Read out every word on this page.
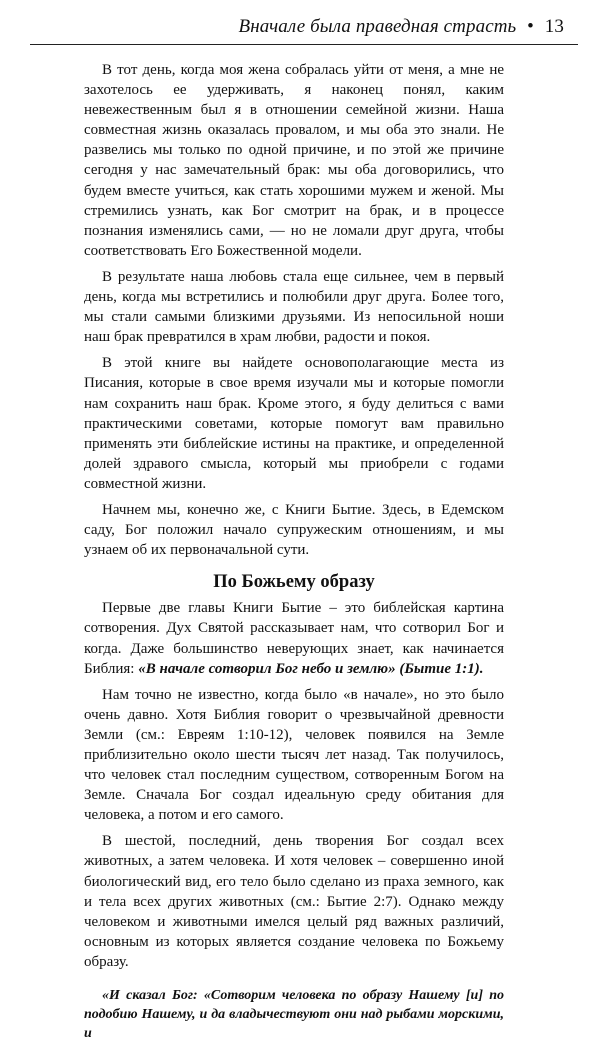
Вначале была праведная страсть • 13

В тот день, когда моя жена собралась уйти от меня, а мне не захотелось ее удерживать, я наконец понял, каким невежественным был я в отношении семейной жизни. Наша совместная жизнь оказалась провалом, и мы оба это знали. Не развелись мы только по одной причине, и по этой же причине сегодня у нас замечательный брак: мы оба договорились, что будем вместе учиться, как стать хорошими мужем и женой. Мы стремились узнать, как Бог смотрит на брак, и в процессе познания изменялись сами, — но не ломали друг друга, чтобы соответствовать Его Божественной модели.

В результате наша любовь стала еще сильнее, чем в первый день, когда мы встретились и полюбили друг друга. Более того, мы стали самыми близкими друзьями. Из непосильной ноши наш брак превратился в храм любви, радости и покоя.

В этой книге вы найдете основополагающие места из Писания, которые в свое время изучали мы и которые помогли нам сохранить наш брак. Кроме этого, я буду делиться с вами практическими советами, которые помогут вам правильно применять эти библейские истины на практике, и определенной долей здравого смысла, который мы приобрели с годами совместной жизни.

Начнем мы, конечно же, с Книги Бытие. Здесь, в Едемском саду, Бог положил начало супружеским отношениям, и мы узнаем об их первоначальной сути.

По Божьему образу

Первые две главы Книги Бытие – это библейская картина сотворения. Дух Святой рассказывает нам, что сотворил Бог и когда. Даже большинство неверующих знает, как начинается Библия: «В начале сотворил Бог небо и землю» (Бытие 1:1).

Нам точно не известно, когда было «в начале», но это было очень давно. Хотя Библия говорит о чрезвычайной древности Земли (см.: Евреям 1:10-12), человек появился на Земле приблизительно около шести тысяч лет назад. Так получилось, что человек стал последним существом, сотворенным Богом на Земле. Сначала Бог создал идеальную среду обитания для человека, а потом и его самого.

В шестой, последний, день творения Бог создал всех животных, а затем человека. И хотя человек – совершенно иной биологический вид, его тело было сделано из праха земного, как и тела всех других животных (см.: Бытие 2:7). Однако между человеком и животными имелся целый ряд важных различий, основным из которых является создание человека по Божьему образу.

«И сказал Бог: «Сотворим человека по образу Нашему [и] по подобию Нашему, и да владычествуют они над рыбами морскими, и
